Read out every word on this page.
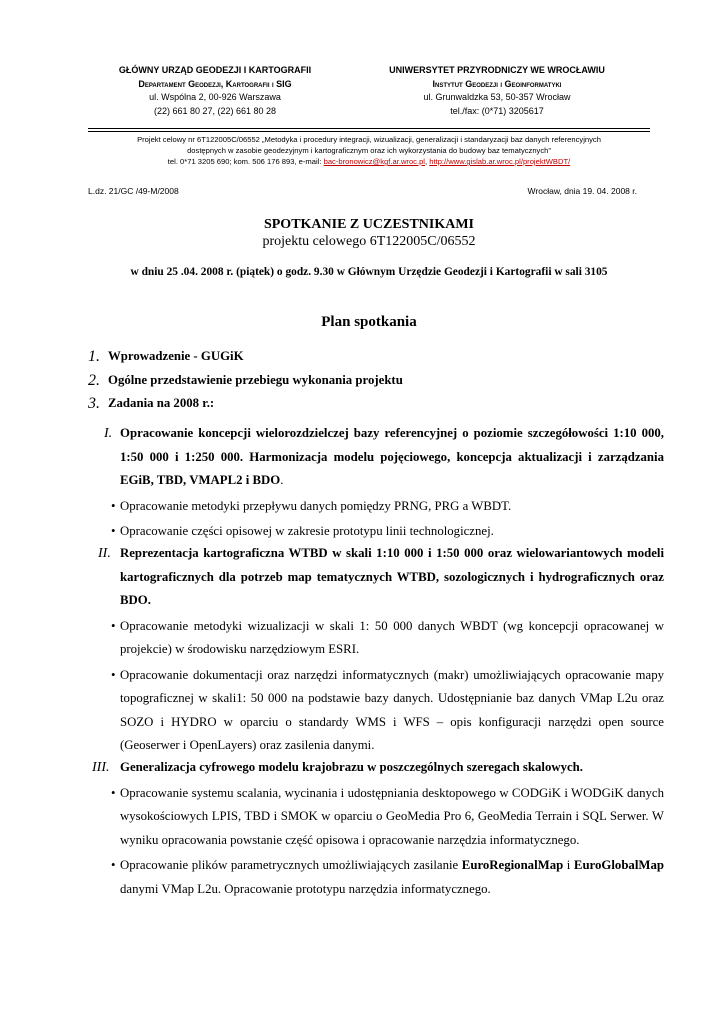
GŁÓWNY URZĄD GEODEZJI I KARTOGRAFII
Departament Geodezji, Kartografii i SIG
ul. Wspólna 2, 00-926 Warszawa
(22) 661 80 27, (22) 661 80 28
UNIWERSYTET PRZYRODNICZY WE WROCŁAWIU
Instytut Geodezji i Geoinformatyki
ul. Grunwaldzka 53, 50-357 Wrocław
tel./fax: (0*71) 3205617
Projekt celowy nr 6T122005C/06552 „Metodyka i procedury integracji, wizualizacji, generalizacji i standaryzacji baz danych referencyjnych
dostępnych w zasobie geodezyjnym i kartograficznym oraz ich wykorzystania do budowy baz tematycznych”
tel. 0*71 3205 690; kom. 506 176 893, e-mail: bac-bronowicz@kgf.ar.wroc.pl, http://www.gislab.ar.wroc.pl/projektWBDT/
L.dz. 21/GC /49-M/2008	Wrocław, dnia 19. 04. 2008 r.
SPOTKANIE Z UCZESTNIKAMI
projektu celowego 6T122005C/06552
w dniu 25 .04. 2008 r. (piątek) o godz. 9.30 w Głównym Urzędzie Geodezji i Kartografii w sali 3105
Plan spotkania
1. Wprowadzenie - GUGiK
2. Ogólne przedstawienie przebiegu wykonania projektu
3. Zadania na 2008 r.:
I. Opracowanie koncepcji wielorozdzielczej bazy referencyjnej o poziomie szczegółowości 1:10 000, 1:50 000 i 1:250 000. Harmonizacja modelu pojęciowego, koncepcja aktualizacji i zarządzania EGiB, TBD, VMAPL2 i BDO.
• Opracowanie metodyki przepływu danych pomiędzy PRNG, PRG a WBDT.
• Opracowanie części opisowej w zakresie prototypu linii technologicznej.
II. Reprezentacja kartograficzna WTBD w skali 1:10 000 i 1:50 000 oraz wielowariantowych modeli kartograficznych dla potrzeb map tematycznych WTBD, sozologicznych i hydrograficznych oraz BDO.
• Opracowanie metodyki wizualizacji w skali 1: 50 000 danych WBDT (wg koncepcji opracowanej w projekcie) w środowisku narzędziowym ESRI.
• Opracowanie dokumentacji oraz narzędzi informatycznych (makr) umożliwiających opracowanie mapy topograficznej w skali1: 50 000 na podstawie bazy danych. Udostępnianie baz danych VMap L2u oraz SOZO i HYDRO w oparciu o standardy WMS i WFS – opis konfiguracji narzędzi open source (Geoserwer i OpenLayers) oraz zasilenia danymi.
III. Generalizacja cyfrowego modelu krajobrazu w poszczególnych szeregach skalowych.
• Opracowanie systemu scalania, wycinania i udostępniania desktopowego w CODGiK i WODGiK danych wysokościowych LPIS, TBD i SMOK w oparciu o GeoMedia Pro 6, GeoMedia Terrain i SQL Serwer. W wyniku opracowania powstanie część opisowa i opracowanie narzędzia informatycznego.
• Opracowanie plików parametrycznych umożliwiających zasilanie EuroRegionalMap i EuroGlobalMap danymi VMap L2u. Opracowanie prototypu narzędzia informatycznego.
